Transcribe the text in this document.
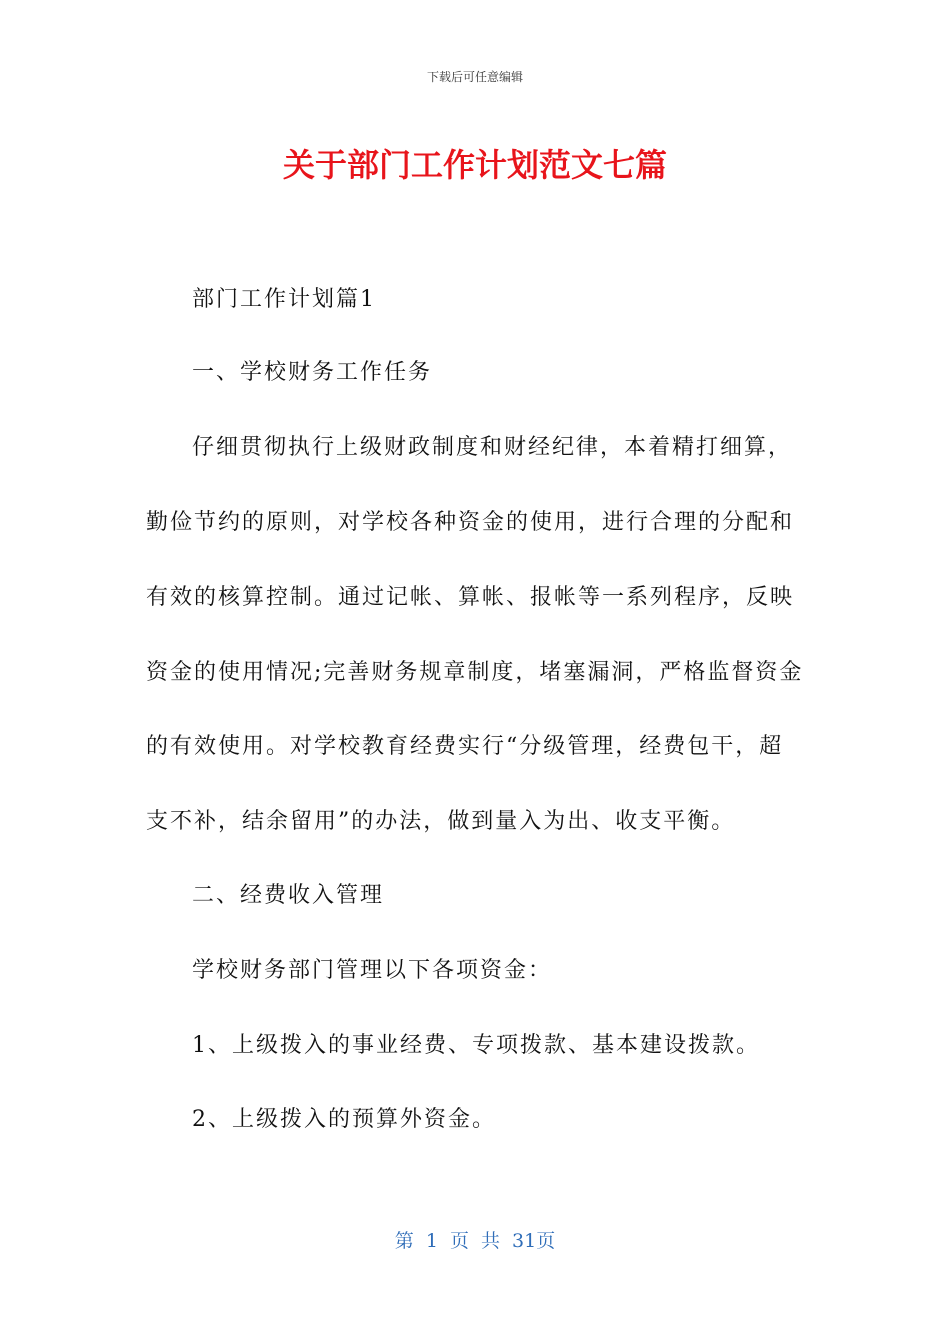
下载后可任意编辑
关于部门工作计划范文七篇
部门工作计划篇1
一、学校财务工作任务
仔细贯彻执行上级财政制度和财经纪律，本着精打细算，
勤俭节约的原则，对学校各种资金的使用，进行合理的分配和
有效的核算控制。通过记帐、算帐、报帐等一系列程序，反映
资金的使用情况;完善财务规章制度，堵塞漏洞，严格监督资金
的有效使用。对学校教育经费实行“分级管理，经费包干，超
支不补，结余留用”的办法，做到量入为出、收支平衡。
二、经费收入管理
学校财务部门管理以下各项资金：
1、上级拨入的事业经费、专项拨款、基本建设拨款。
2、上级拨入的预算外资金。
第 1 页 共 31页
